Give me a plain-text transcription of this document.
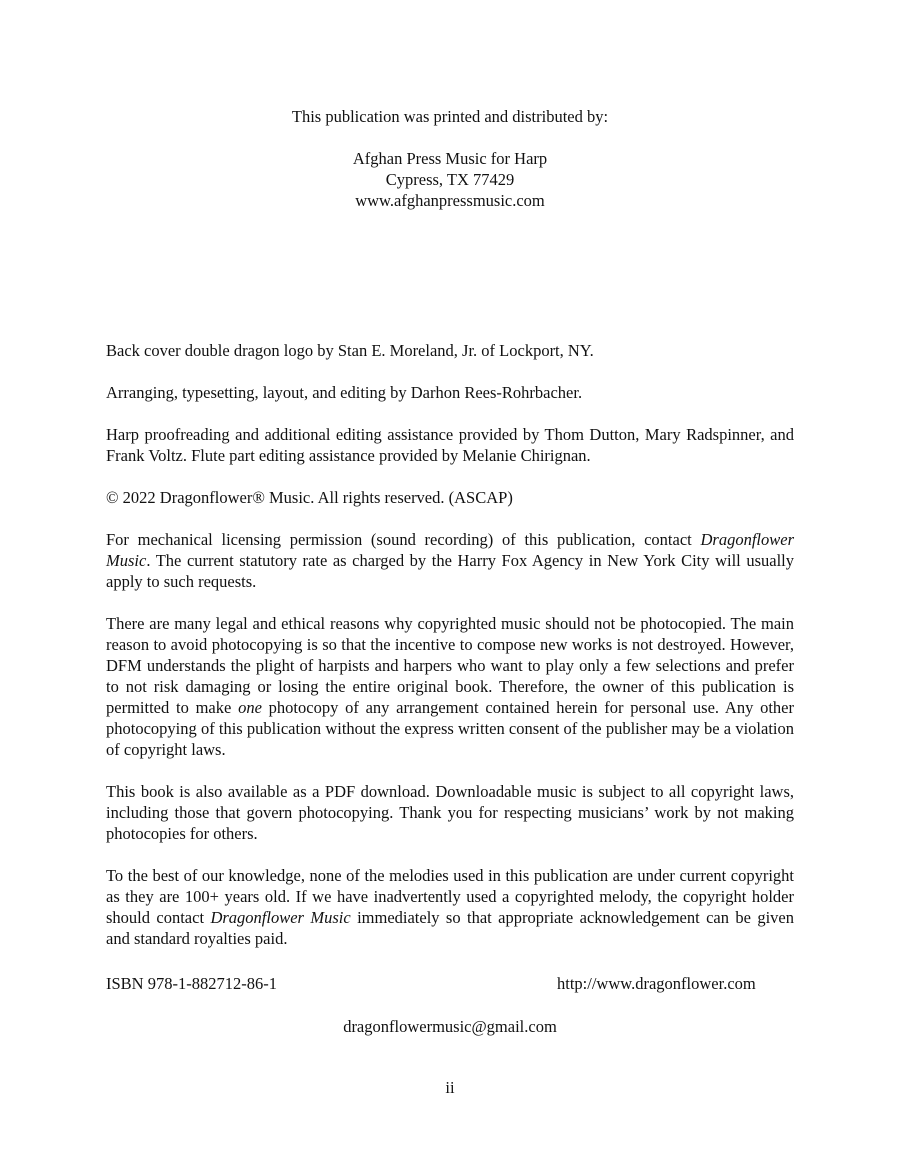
This publication was printed and distributed by:

Afghan Press Music for Harp

Cypress, TX 77429

www.afghanpressmusic.com

Back cover double dragon logo by Stan E. Moreland, Jr. of Lockport, NY.

Arranging, typesetting, layout, and editing by Darhon Rees-Rohrbacher.

Harp proofreading and additional editing assistance provided by Thom Dutton, Mary Radspinner, and Frank Voltz. Flute part editing assistance provided by Melanie Chirignan.

© 2022 Dragonflower® Music. All rights reserved. (ASCAP)

For mechanical licensing permission (sound recording) of this publication, contact Dragonflower Music. The current statutory rate as charged by the Harry Fox Agency in New York City will usually apply to such requests.

There are many legal and ethical reasons why copyrighted music should not be photocopied. The main reason to avoid photocopying is so that the incentive to compose new works is not destroyed. However, DFM understands the plight of harpists and harpers who want to play only a few selections and prefer to not risk damaging or losing the entire original book. Therefore, the owner of this publication is permitted to make one photocopy of any arrangement contained herein for personal use. Any other photocopying of this publication without the express written consent of the publisher may be a violation of copyright laws.

This book is also available as a PDF download. Downloadable music is subject to all copyright laws, including those that govern photocopying. Thank you for respecting musicians’ work by not making photocopies for others.

To the best of our knowledge, none of the melodies used in this publication are under current copyright as they are 100+ years old. If we have inadvertently used a copyrighted melody, the copyright holder should contact Dragonflower Music immediately so that appropriate acknowledgement can be given and standard royalties paid.

ISBN 978-1-882712-86-1	http://www.dragonflower.com
dragonflowermusic@gmail.com
ii
